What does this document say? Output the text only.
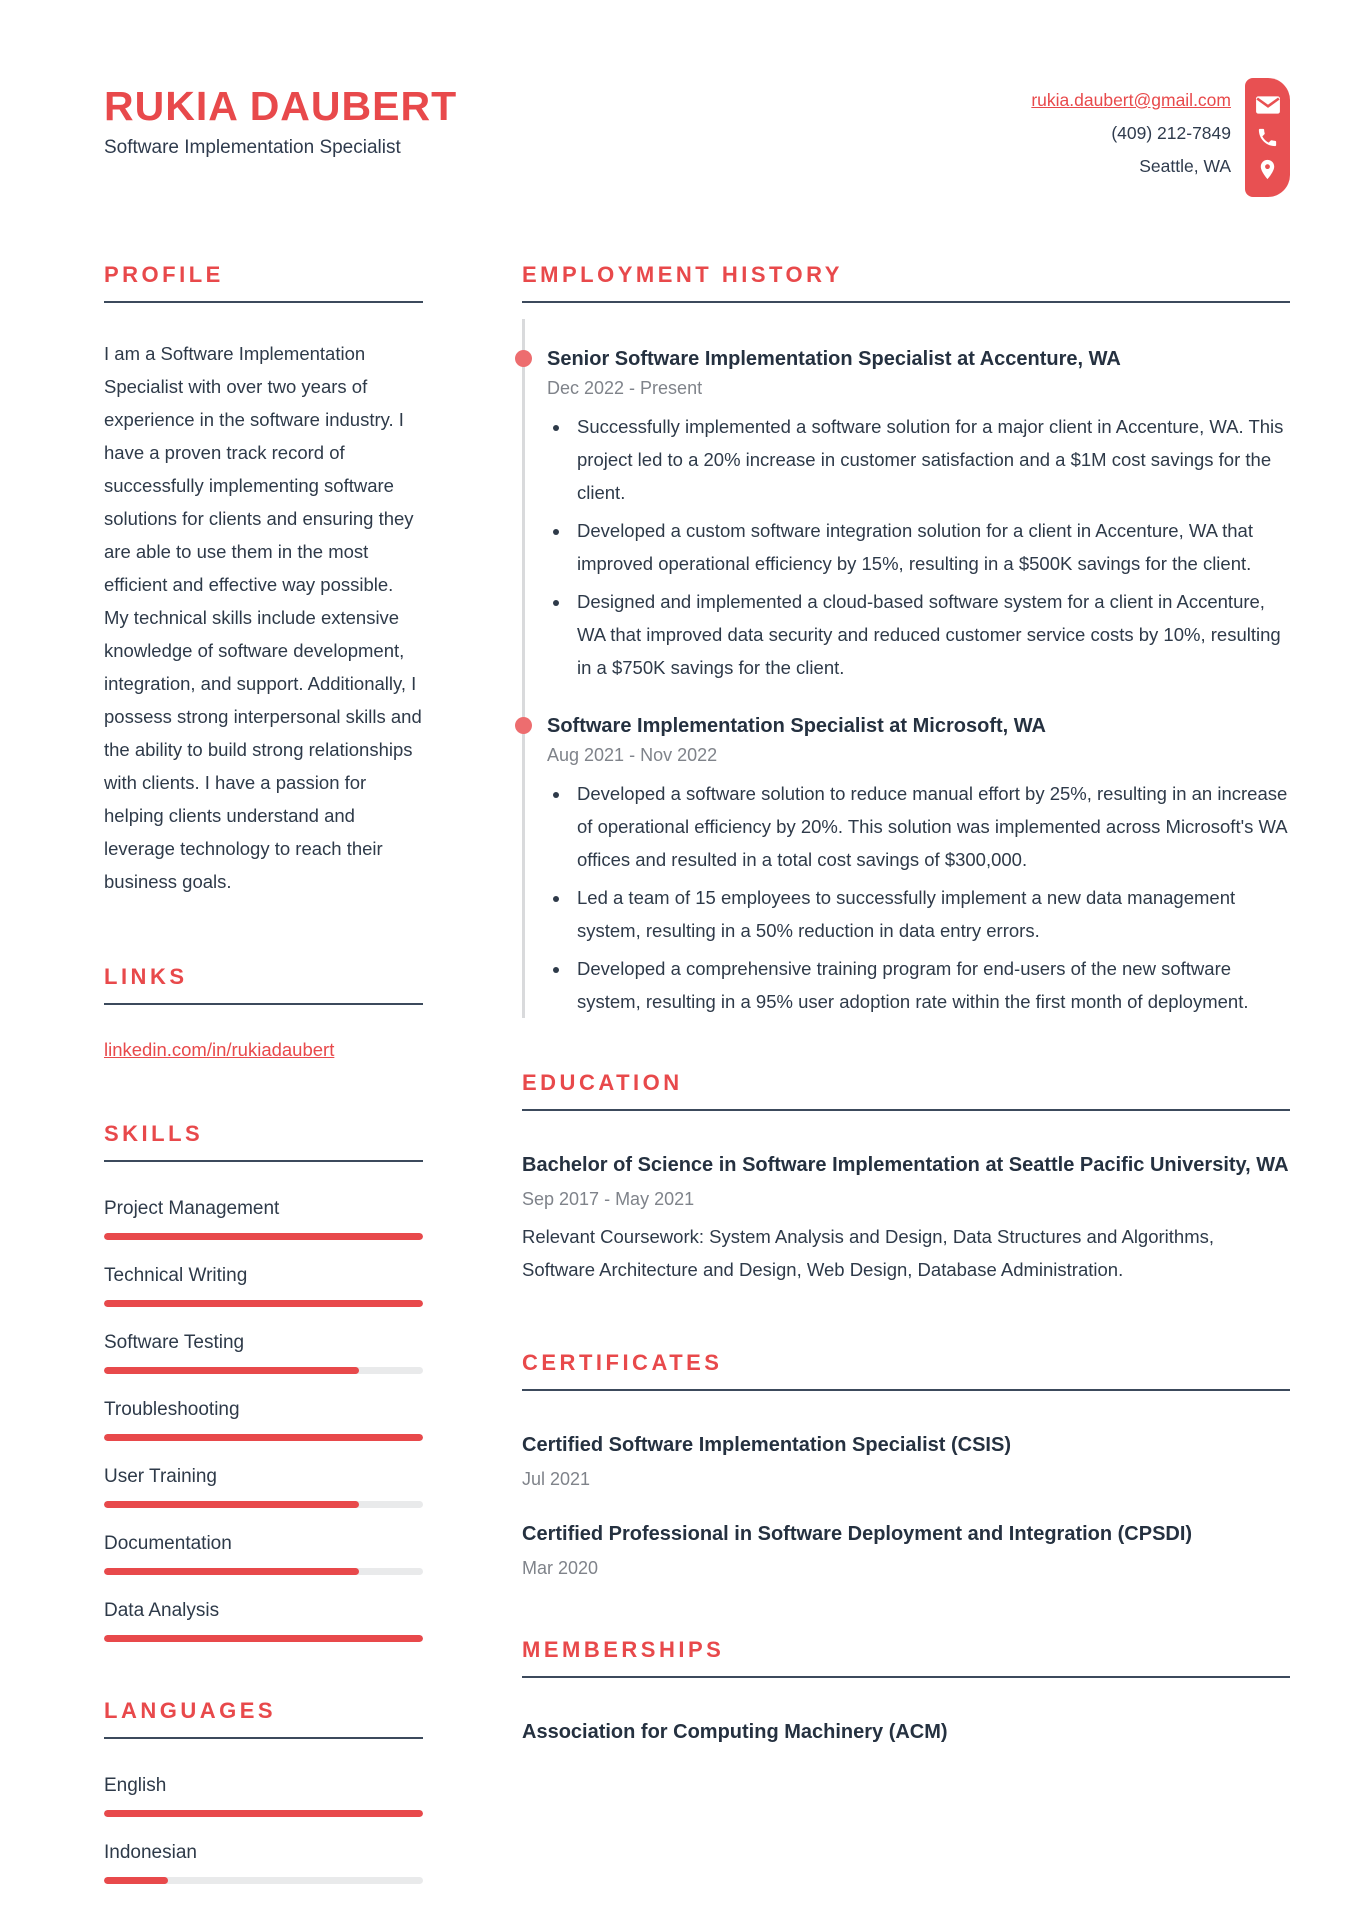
RUKIA DAUBERT
Software Implementation Specialist
rukia.daubert@gmail.com
(409) 212-7849
Seattle, WA
PROFILE

I am a Software Implementation Specialist with over two years of experience in the software industry. I have a proven track record of successfully implementing software solutions for clients and ensuring they are able to use them in the most efficient and effective way possible. My technical skills include extensive knowledge of software development, integration, and support. Additionally, I possess strong interpersonal skills and the ability to build strong relationships with clients. I have a passion for helping clients understand and leverage technology to reach their business goals.

LINKS
linkedin.com/in/rukiadaubert
SKILLS
Project Management
Technical Writing
Software Testing
Troubleshooting
User Training
Documentation
Data Analysis
LANGUAGES
English
Indonesian
EMPLOYMENT HISTORY
Senior Software Implementation Specialist at Accenture, WA
Dec 2022 - Present
• Successfully implemented a software solution for a major client in Accenture, WA. This project led to a 20% increase in customer satisfaction and a $1M cost savings for the client.
• Developed a custom software integration solution for a client in Accenture, WA that improved operational efficiency by 15%, resulting in a $500K savings for the client.
• Designed and implemented a cloud-based software system for a client in Accenture, WA that improved data security and reduced customer service costs by 10%, resulting in a $750K savings for the client.
Software Implementation Specialist at Microsoft, WA
Aug 2021 - Nov 2022
• Developed a software solution to reduce manual effort by 25%, resulting in an increase of operational efficiency by 20%. This solution was implemented across Microsoft's WA offices and resulted in a total cost savings of $300,000.
• Led a team of 15 employees to successfully implement a new data management system, resulting in a 50% reduction in data entry errors.
• Developed a comprehensive training program for end-users of the new software system, resulting in a 95% user adoption rate within the first month of deployment.
EDUCATION
Bachelor of Science in Software Implementation at Seattle Pacific University, WA
Sep 2017 - May 2021

Relevant Coursework: System Analysis and Design, Data Structures and Algorithms, Software Architecture and Design, Web Design, Database Administration.

CERTIFICATES
Certified Software Implementation Specialist (CSIS)
Jul 2021
Certified Professional in Software Deployment and Integration (CPSDI)
Mar 2020
MEMBERSHIPS
Association for Computing Machinery (ACM)
